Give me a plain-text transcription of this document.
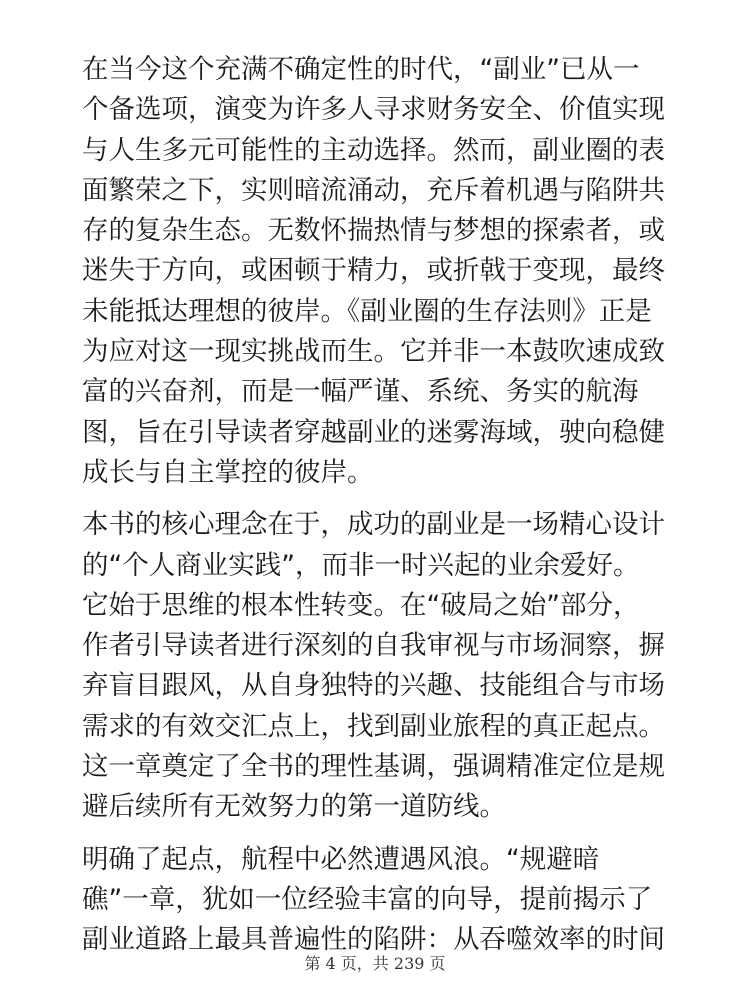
在当今这个充满不确定性的时代，“副业”已从一
个备选项，演变为许多人寻求财务安全、价值实现
与人生多元可能性的主动选择。然而，副业圈的表
面繁荣之下，实则暗流涌动，充斥着机遇与陷阱共
存的复杂生态。无数怀揣热情与梦想的探索者，或
迷失于方向，或困顿于精力，或折戟于变现，最终
未能抵达理想的彼岸。《副业圈的生存法则》正是
为应对这一现实挑战而生。它并非一本鼓吹速成致
富的兴奋剂，而是一幅严谨、系统、务实的航海
图，旨在引导读者穿越副业的迷雾海域，驶向稳健
成长与自主掌控的彼岸。

本书的核心理念在于，成功的副业是一场精心设计
的“个人商业实践”，而非一时兴起的业余爱好。
它始于思维的根本性转变。在“破局之始”部分，
作者引导读者进行深刻的自我审视与市场洞察，摒
弃盲目跟风，从自身独特的兴趣、技能组合与市场
需求的有效交汇点上，找到副业旅程的真正起点。
这一章奠定了全书的理性基调，强调精准定位是规
避后续所有无效努力的第一道防线。

明确了起点，航程中必然遭遇风浪。“规避暗
礁”一章，犹如一位经验丰富的向导，提前揭示了
副业道路上最具普遍性的陷阱：从吞噬效率的时间

第 4 页，共 239 页
